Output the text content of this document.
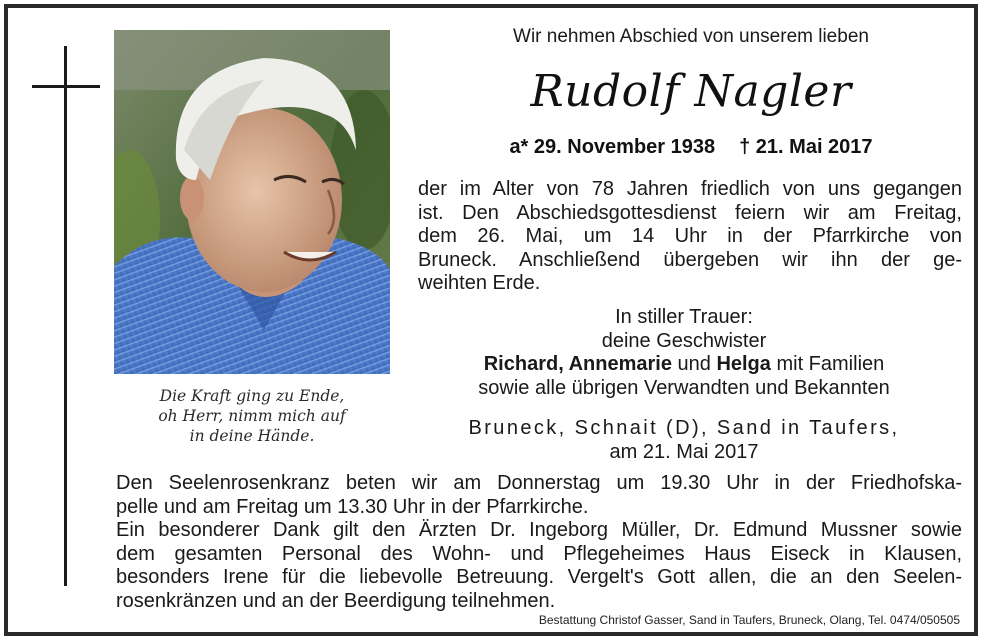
Die Kraft ging zu Ende,
oh Herr, nimm mich auf
in deine Hände.
Wir nehmen Abschied von unserem lieben
Rudolf Nagler
a* 29. November 1938 † 21. Mai 2017
der im Alter von 78 Jahren friedlich von uns gegangen
ist. Den Abschiedsgottesdienst feiern wir am Freitag,
dem 26. Mai, um 14 Uhr in der Pfarrkirche von
Bruneck. Anschließend übergeben wir ihn der ge-
weihten Erde.
In stiller Trauer:
deine Geschwister
Richard, Annemarie und Helga mit Familien
sowie alle übrigen Verwandten und Bekannten
Bruneck, Schnait (D), Sand in Taufers,
am 21. Mai 2017
Den Seelenrosenkranz beten wir am Donnerstag um 19.30 Uhr in der Friedhofska-
pelle und am Freitag um 13.30 Uhr in der Pfarrkirche.
Ein besonderer Dank gilt den Ärzten Dr. Ingeborg Müller, Dr. Edmund Mussner sowie
dem gesamten Personal des Wohn- und Pflegeheimes Haus Eiseck in Klausen,
besonders Irene für die liebevolle Betreuung. Vergelt's Gott allen, die an den Seelen-
rosenkränzen und an der Beerdigung teilnehmen.
Bestattung Christof Gasser, Sand in Taufers, Bruneck, Olang, Tel. 0474/050505
